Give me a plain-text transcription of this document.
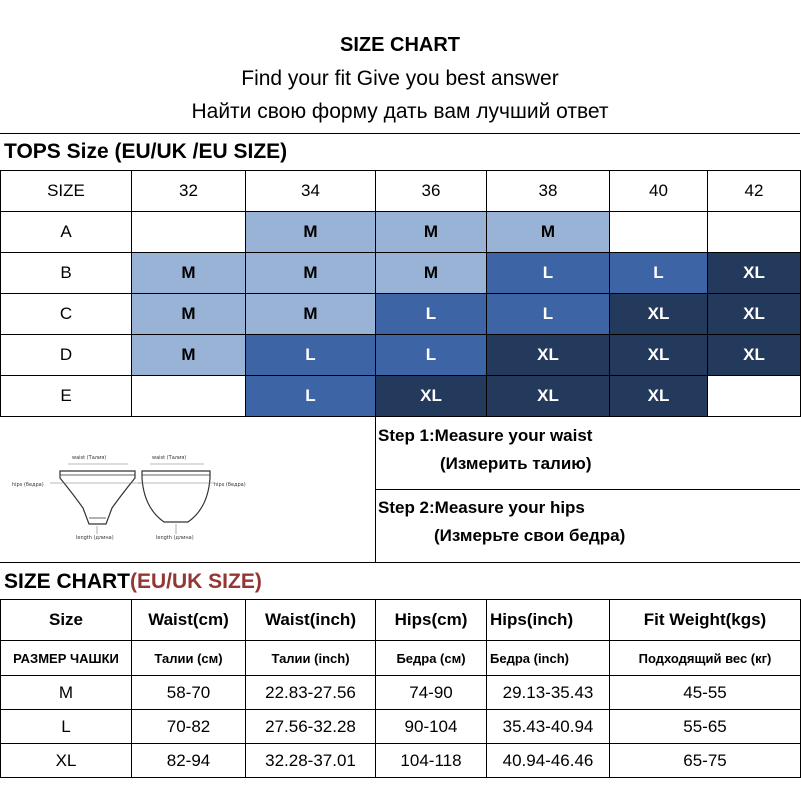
SIZE CHART
Find your fit Give you best answer
Найти свою форму дать вам лучший ответ
TOPS Size (EU/UK /EU SIZE)
SIZE	32	34	36	38	40	42
A		M	M	M		
B	M	M	M	L	L	XL
C	M	M	L	L	XL	XL
D	M	L	L	XL	XL	XL
E		L	XL	XL	XL	
waist (Талия)	waist (Талия)
hips (бедра)	hips (бедра)
length (длина)	length (длина)
Step 1:Measure your waist
(Измерить талию)
Step 2:Measure your hips
(Измерьте свои бедра)
SIZE CHART(EU/UK SIZE)
Size	Waist(cm)	Waist(inch)	Hips(cm)	Hips(inch)	Fit Weight(kgs)
РАЗМЕР ЧАШКИ	Талии (см)	Талии (inch)	Бедра (см)	Бедра (inch)	Подходящий вес (кг)
M	58-70	22.83-27.56	74-90	29.13-35.43	45-55
L	70-82	27.56-32.28	90-104	35.43-40.94	55-65
XL	82-94	32.28-37.01	104-118	40.94-46.46	65-75
